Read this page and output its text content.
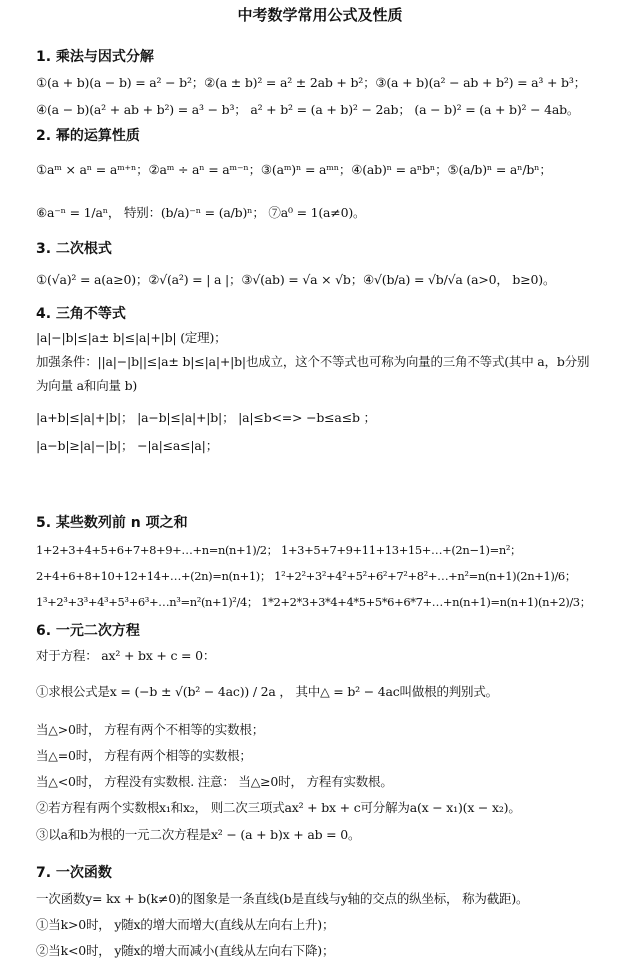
中考数学常用公式及性质
1. 乘法与因式分解
①(a + b)(a − b) = a² − b²；②(a ± b)² = a² ± 2ab + b²；③(a + b)(a² − ab + b²) = a³ + b³；
④(a − b)(a² + ab + b²) = a³ − b³； a² + b² = (a + b)² − 2ab； (a − b)² = (a + b)² − 4ab。
2. 幂的运算性质
①aᵐ × aⁿ = aᵐ⁺ⁿ；②aᵐ ÷ aⁿ = aᵐ⁻ⁿ；③(aᵐ)ⁿ = aᵐⁿ；④(ab)ⁿ = aⁿbⁿ；⑤(a/b)ⁿ = aⁿ/bⁿ；
⑥a⁻ⁿ = 1/aⁿ， 特别：(b/a)⁻ⁿ = (a/b)ⁿ； ⑦a⁰ = 1(a≠0)。
3. 二次根式
①(√a)² = a(a≥0)；②√(a²) = | a |；③√(ab) = √a × √b；④√(b/a) = √b/√a (a>0， b≥0)。
4. 三角不等式
|a|−|b|≤|a± b|≤|a|+|b| (定理)；
加强条件：||a|−|b||≤|a± b|≤|a|+|b|也成立，这个不等式也可称为向量的三角不等式(其中 a，b分别为向量 a和向量 b)
|a+b|≤|a|+|b|； |a−b|≤|a|+|b|； |a|≤b<=> −b≤a≤b ；
|a−b|≥|a|−|b|； −|a|≤a≤|a|；
5. 某些数列前 n 项之和
1+2+3+4+5+6+7+8+9+…+n=n(n+1)/2； 1+3+5+7+9+11+13+15+…+(2n−1)=n²；
2+4+6+8+10+12+14+…+(2n)=n(n+1)； 1²+2²+3²+4²+5²+6²+7²+8²+…+n²=n(n+1)(2n+1)/6；
1³+2³+3³+4³+5³+6³+…n³=n²(n+1)²/4； 1*2+2*3+3*4+4*5+5*6+6*7+…+n(n+1)=n(n+1)(n+2)/3；
6. 一元二次方程
对于方程： ax² + bx + c = 0：
①求根公式是x = (−b ± √(b² − 4ac)) / 2a ， 其中△ = b² − 4ac叫做根的判别式。
当△>0时， 方程有两个不相等的实数根；
当△=0时， 方程有两个相等的实数根；
当△<0时， 方程没有实数根. 注意： 当△≥0时， 方程有实数根。
②若方程有两个实数根x₁和x₂， 则二次三项式ax² + bx + c可分解为a(x − x₁)(x − x₂)。
③以a和b为根的一元二次方程是x² − (a + b)x + ab = 0。
7. 一次函数
一次函数y= kx + b(k≠0)的图象是一条直线(b是直线与y轴的交点的纵坐标， 称为截距)。
①当k>0时， y随x的增大而增大(直线从左向右上升)；
②当k<0时， y随x的增大而减小(直线从左向右下降)；
